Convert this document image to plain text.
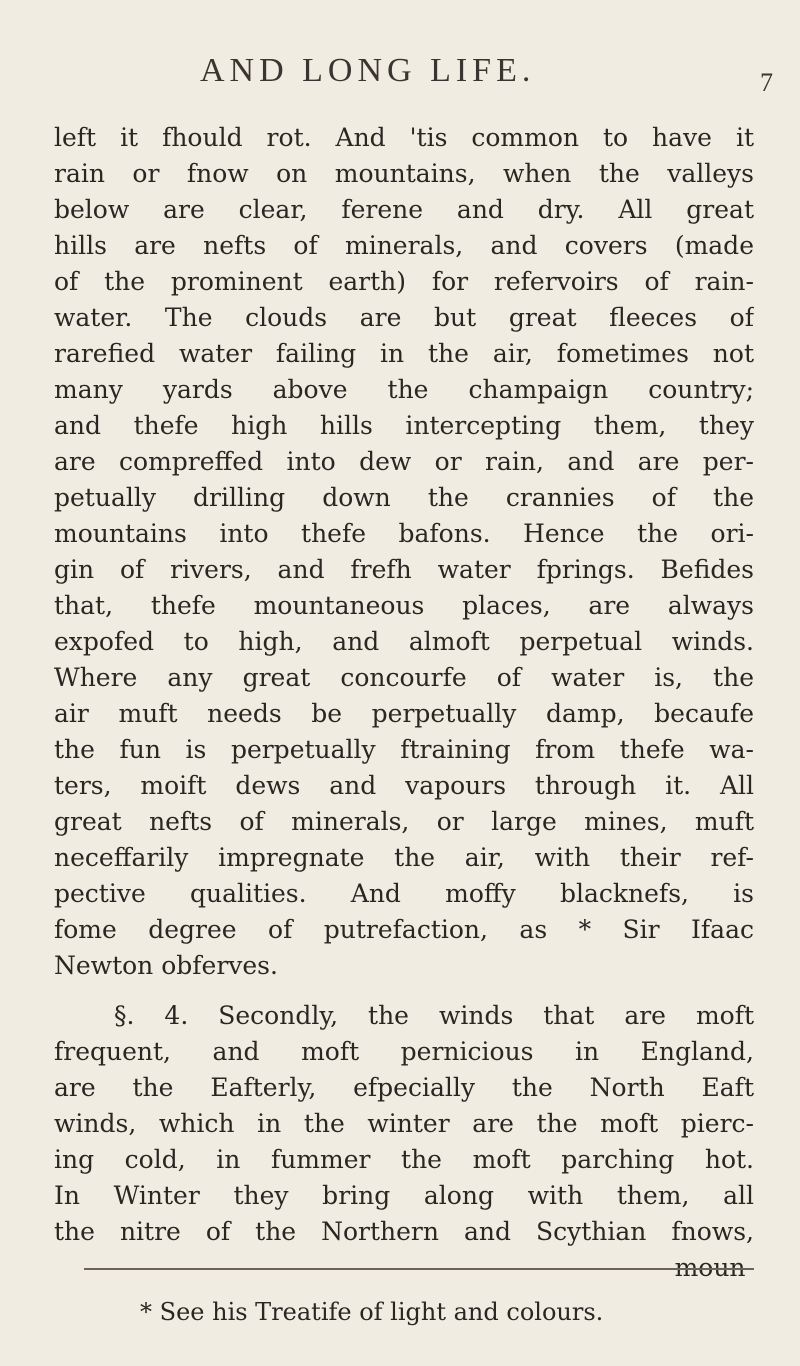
AND LONG LIFE.	7
left it fhould rot. And 'tis common to have it
rain or fnow on mountains, when the valleys
below are clear, ferene and dry. All great
hills are nefts of minerals, and covers (made
of the prominent earth) for refervoirs of rain-
water. The clouds are but great fleeces of
rarefied water failing in the air, fometimes not
many yards above the champaign country;
and thefe high hills intercepting them, they
are compreffed into dew or rain, and are per-
petually drilling down the crannies of the
mountains into thefe bafons. Hence the ori-
gin of rivers, and frefh water fprings. Befides
that, thefe mountaneous places, are always
expofed to high, and almoft perpetual winds.
Where any great concourfe of water is, the
air muft needs be perpetually damp, becaufe
the fun is perpetually ftraining from thefe wa-
ters, moift dews and vapours through it. All
great nefts of minerals, or large mines, muft
neceffarily impregnate the air, with their ref-
pective qualities. And moffy blacknefs, is
fome degree of putrefaction, as * Sir Ifaac
Newton obferves.
§. 4. Secondly, the winds that are moft
frequent, and moft pernicious in England,
are the Eafterly, efpecially the North Eaft
winds, which in the winter are the moft pierc-
ing cold, in fummer the moft parching hot.
In Winter they bring along with them, all
the nitre of the Northern and Scythian fnows,
moun-
* See his Treatife of light and colours.
